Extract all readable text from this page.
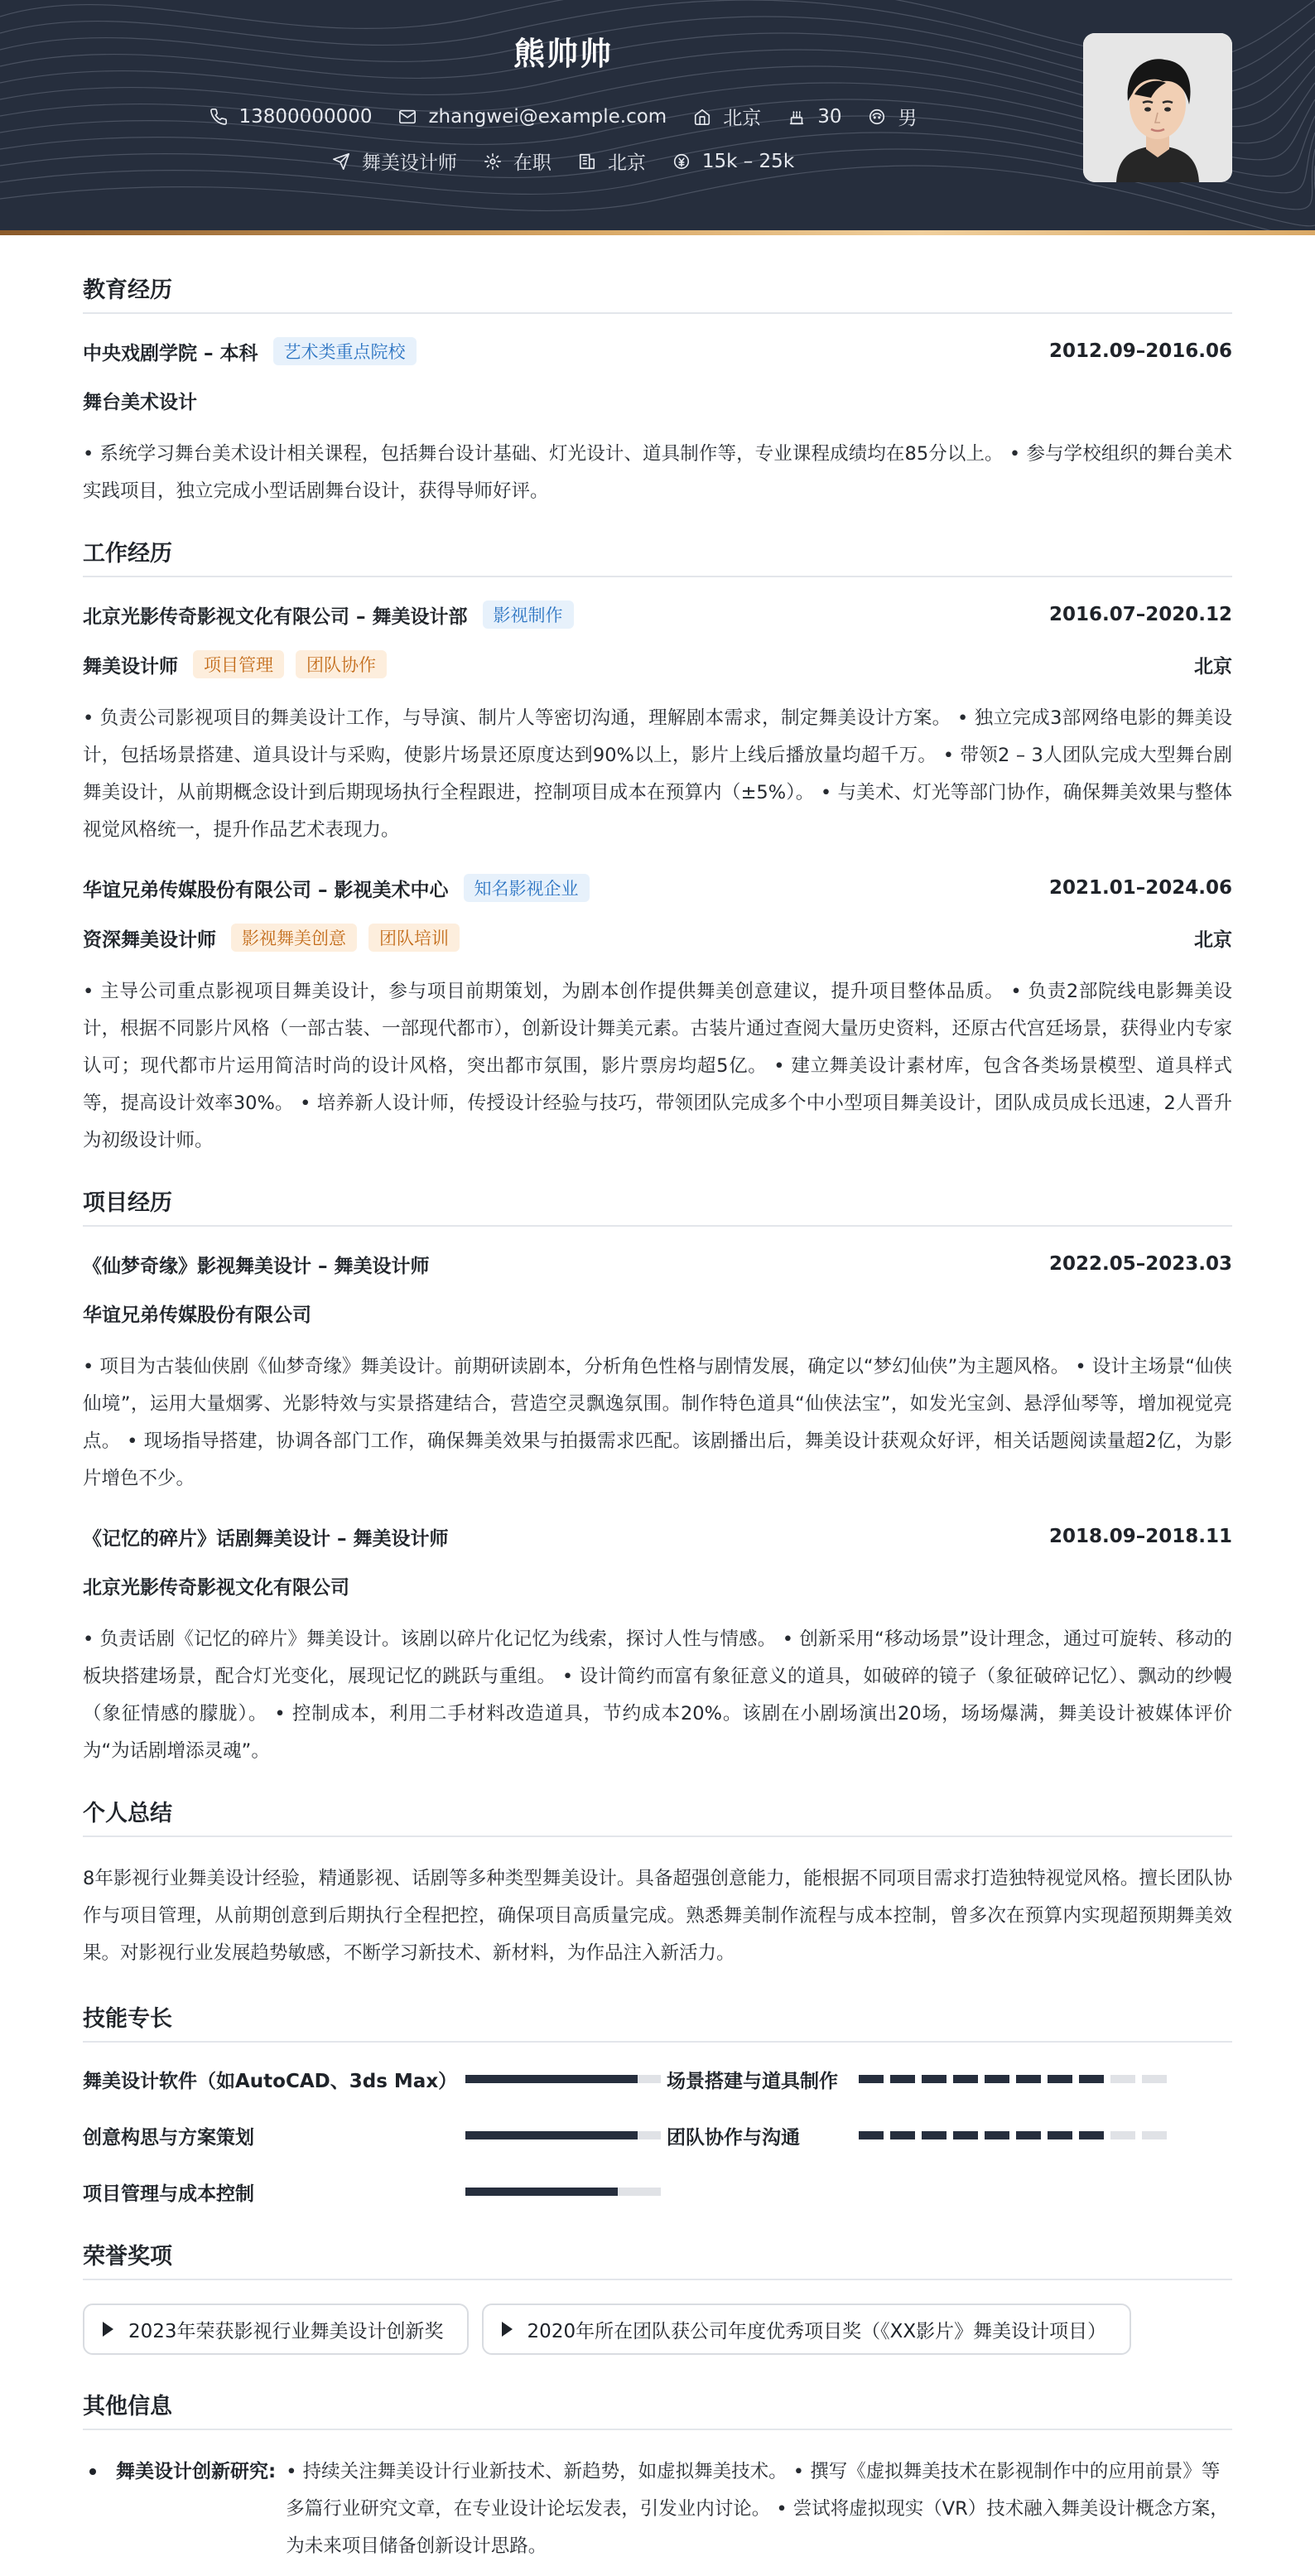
熊帅帅
13800000000	zhangwei@example.com	北京	30	男
舞美设计师	在职	北京	15k – 25k
教育经历
中央戏剧学院 – 本科	艺术类重点院校	2012.09–2016.06
舞台美术设计
• 系统学习舞台美术设计相关课程，包括舞台设计基础、灯光设计、道具制作等，专业课程成绩均在85分以上。 • 参与学校组织的舞台美术实践项目，独立完成小型话剧舞台设计，获得导师好评。
工作经历
北京光影传奇影视文化有限公司 – 舞美设计部	影视制作	2016.07–2020.12
舞美设计师	项目管理	团队协作	北京
• 负责公司影视项目的舞美设计工作，与导演、制片人等密切沟通，理解剧本需求，制定舞美设计方案。 • 独立完成3部网络电影的舞美设计，包括场景搭建、道具设计与采购，使影片场景还原度达到90%以上，影片上线后播放量均超千万。 • 带领2 – 3人团队完成大型舞台剧舞美设计，从前期概念设计到后期现场执行全程跟进，控制项目成本在预算内（±5%）。 • 与美术、灯光等部门协作，确保舞美效果与整体视觉风格统一，提升作品艺术表现力。
华谊兄弟传媒股份有限公司 – 影视美术中心	知名影视企业	2021.01–2024.06
资深舞美设计师	影视舞美创意	团队培训	北京
• 主导公司重点影视项目舞美设计，参与项目前期策划，为剧本创作提供舞美创意建议，提升项目整体品质。 • 负责2部院线电影舞美设计，根据不同影片风格（一部古装、一部现代都市），创新设计舞美元素。古装片通过查阅大量历史资料，还原古代宫廷场景，获得业内专家认可；现代都市片运用简洁时尚的设计风格，突出都市氛围，影片票房均超5亿。 • 建立舞美设计素材库，包含各类场景模型、道具样式等，提高设计效率30%。 • 培养新人设计师，传授设计经验与技巧，带领团队完成多个中小型项目舞美设计，团队成员成长迅速，2人晋升为初级设计师。
项目经历
《仙梦奇缘》影视舞美设计 – 舞美设计师	2022.05–2023.03
华谊兄弟传媒股份有限公司
• 项目为古装仙侠剧《仙梦奇缘》舞美设计。前期研读剧本，分析角色性格与剧情发展，确定以“梦幻仙侠”为主题风格。 • 设计主场景“仙侠仙境”，运用大量烟雾、光影特效与实景搭建结合，营造空灵飘逸氛围。制作特色道具“仙侠法宝”，如发光宝剑、悬浮仙琴等，增加视觉亮点。 • 现场指导搭建，协调各部门工作，确保舞美效果与拍摄需求匹配。该剧播出后，舞美设计获观众好评，相关话题阅读量超2亿，为影片增色不少。
《记忆的碎片》话剧舞美设计 – 舞美设计师	2018.09–2018.11
北京光影传奇影视文化有限公司
• 负责话剧《记忆的碎片》舞美设计。该剧以碎片化记忆为线索，探讨人性与情感。 • 创新采用“移动场景”设计理念，通过可旋转、移动的板块搭建场景，配合灯光变化，展现记忆的跳跃与重组。 • 设计简约而富有象征意义的道具，如破碎的镜子（象征破碎记忆）、飘动的纱幔（象征情感的朦胧）。 • 控制成本，利用二手材料改造道具，节约成本20%。该剧在小剧场演出20场，场场爆满，舞美设计被媒体评价为“为话剧增添灵魂”。
个人总结
8年影视行业舞美设计经验，精通影视、话剧等多种类型舞美设计。具备超强创意能力，能根据不同项目需求打造独特视觉风格。擅长团队协作与项目管理，从前期创意到后期执行全程把控，确保项目高质量完成。熟悉舞美制作流程与成本控制，曾多次在预算内实现超预期舞美效果。对影视行业发展趋势敏感，不断学习新技术、新材料，为作品注入新活力。
技能专长
舞美设计软件（如AutoCAD、3ds Max）	场景搭建与道具制作
创意构思与方案策划	团队协作与沟通
项目管理与成本控制
荣誉奖项
2023年荣获影视行业舞美设计创新奖	2020年所在团队获公司年度优秀项目奖（《XX影片》舞美设计项目）
其他信息
舞美设计创新研究: • 持续关注舞美设计行业新技术、新趋势，如虚拟舞美技术。 • 撰写《虚拟舞美技术在影视制作中的应用前景》等多篇行业研究文章，在专业设计论坛发表，引发业内讨论。 • 尝试将虚拟现实（VR）技术融入舞美设计概念方案，为未来项目储备创新设计思路。
